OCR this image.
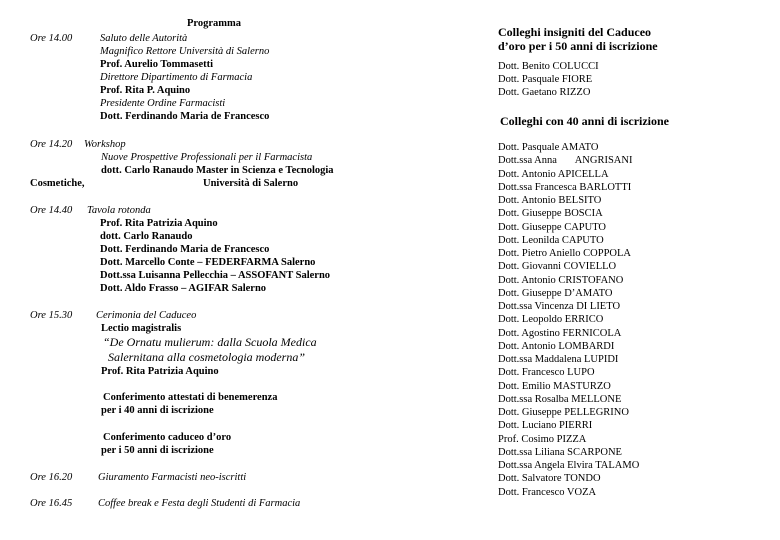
Programma
Ore 14.00	Saluto delle Autorità
Magnifico Rettore Università di Salerno
Prof. Aurelio Tommasetti
Direttore Dipartimento di Farmacia
Prof. Rita P. Aquino
Presidente Ordine Farmacisti
Dott. Ferdinando Maria de Francesco
Ore 14.20 Workshop
Nuove Prospettive Professionali per il Farmacista
dott. Carlo Ranaudo Master in Scienza e Tecnologia
Cosmetiche,	Università di Salerno
Ore 14.40 Tavola rotonda
Prof. Rita Patrizia Aquino
dott. Carlo Ranaudo
Dott. Ferdinando Maria de Francesco
Dott. Marcello Conte – FEDERFARMA Salerno
Dott.ssa Luisanna Pellecchia – ASSOFANT Salerno
Dott. Aldo Frasso – AGIFAR Salerno
Ore 15.30 Cerimonia del Caduceo
Lectio magistralis
“De Ornatu mulierum: dalla Scuola Medica
Salernitana alla cosmetologia moderna”
Prof. Rita Patrizia Aquino
Conferimento attestati di benemerenza
per i 40 anni di iscrizione
Conferimento caduceo d’oro
per i 50 anni di iscrizione
Ore 16.20 Giuramento Farmacisti neo-iscritti
Ore 16.45 Coffee break e Festa degli Studenti di Farmacia
Colleghi insigniti del Caduceo
d’oro per i 50 anni di iscrizione
Dott. Benito COLUCCI
Dott. Pasquale FIORE
Dott. Gaetano RIZZO
Colleghi con 40 anni di iscrizione
Dott. Pasquale AMATO
Dott.ssa Anna       ANGRISANI
Dott. Antonio APICELLA
Dott.ssa Francesca BARLOTTI
Dott. Antonio BELSITO
Dott. Giuseppe BOSCIA
Dott. Giuseppe CAPUTO
Dott. Leonilda CAPUTO
Dott. Pietro Aniello COPPOLA
Dott. Giovanni COVIELLO
Dott. Antonio CRISTOFANO
Dott. Giuseppe D’AMATO
Dott.ssa Vincenza DI LIETO
Dott. Leopoldo ERRICO
Dott. Agostino FERNICOLA
Dott. Antonio LOMBARDI
Dott.ssa Maddalena LUPIDI
Dott. Francesco LUPO
Dott. Emilio MASTURZO
Dott.ssa Rosalba MELLONE
Dott. Giuseppe PELLEGRINO
Dott. Luciano PIERRI
Prof. Cosimo PIZZA
Dott.ssa Liliana SCARPONE
Dott.ssa Angela Elvira TALAMO
Dott. Salvatore TONDO
Dott. Francesco VOZA
